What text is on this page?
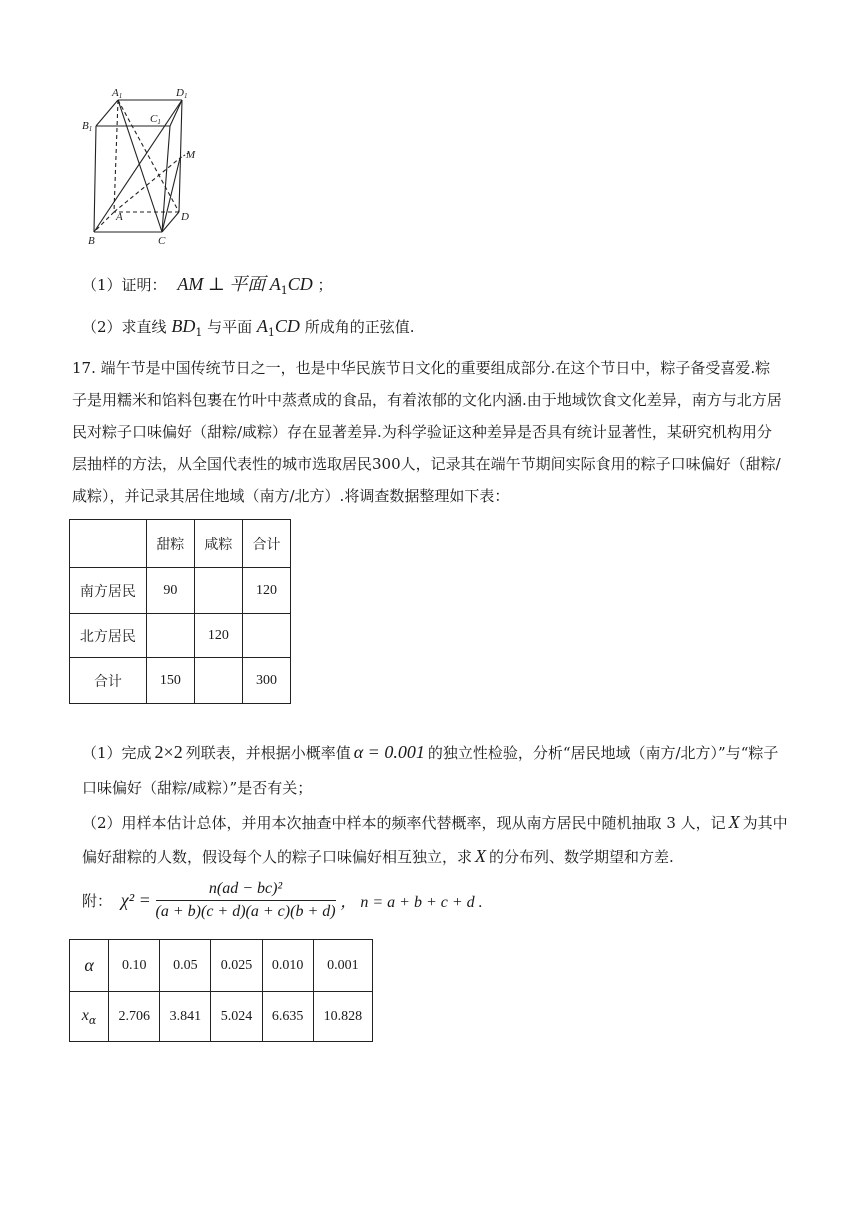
A1	D1
B1
C1
M
A	D
B	C
（1）证明： AM ⊥ 平面 $A_1CD$ ；
（2）求直线 $BD_1$ 与平面 $A_1CD$ 所成角的正弦值.
17. 端午节是中国传统节日之一，也是中华民族节日文化的重要组成部分.在这个节日中，粽子备受喜爱.粽子是用糯米和馅料包裹在竹叶中蒸煮成的食品，有着浓郁的文化内涵.由于地域饮食文化差异，南方与北方居民对粽子口味偏好（甜粽/咸粽）存在显著差异.为科学验证这种差异是否具有统计显著性，某研究机构用分层抽样的方法，从全国代表性的城市选取居民300人，记录其在端午节期间实际食用的粽子口味偏好（甜粽/咸粽），并记录其居住地域（南方/北方）.将调查数据整理如下表：
	甜粽	咸粽	合计
南方居民	90		120
北方居民		120	
合计	150		300
（1）完成 2×2 列联表，并根据小概率值 α = 0.001 的独立性检验，分析“居民地域（南方/北方）”与“粽子
口味偏好（甜粽/咸粽）”是否有关；
（2）用样本估计总体，并用本次抽查中样本的频率代替概率，现从南方居民中随机抽取 3 人，记 X 为其中
偏好甜粽的人数，假设每个人的粽子口味偏好相互独立，求 X 的分布列、数学期望和方差.
附： $\chi^2 = \frac{\text{n(ad − bc)²}}{(a + b)(c + d)(a + c)(b + d)}$ ， n = a + b + c + d .
α	0.10	0.05	0.025	0.010	0.001
$x_\alpha$	2.706	3.841	5.024	6.635	10.828
